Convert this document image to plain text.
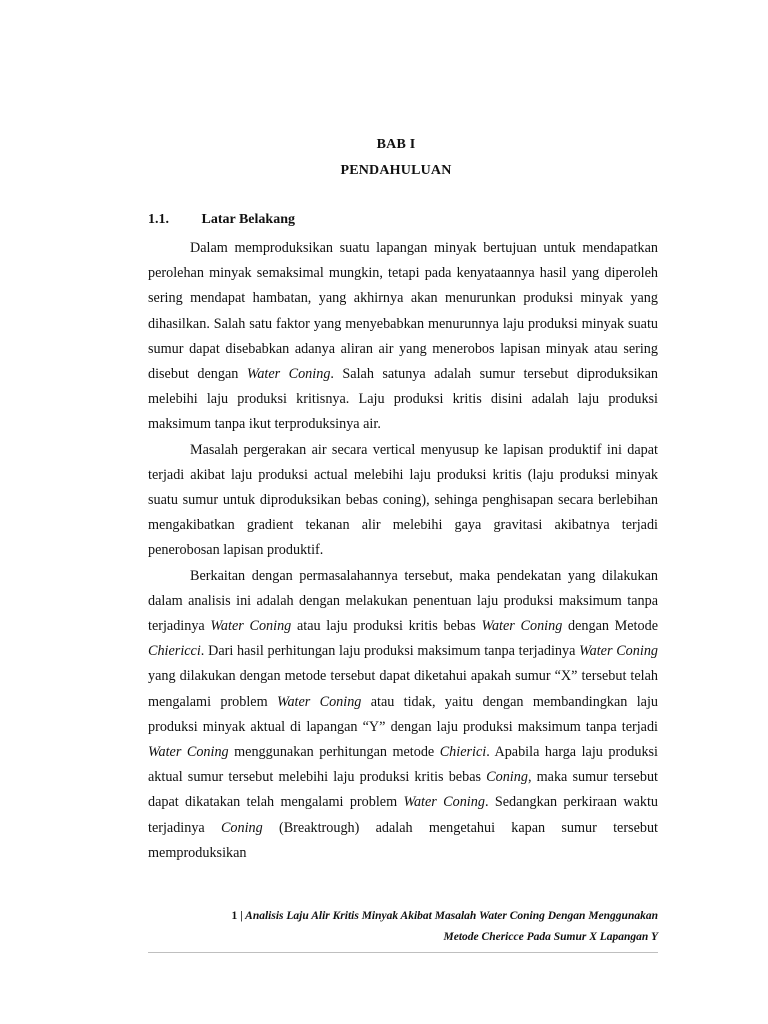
BAB I
PENDAHULUAN
1.1. Latar Belakang

Dalam memproduksikan suatu lapangan minyak bertujuan untuk mendapatkan perolehan minyak semaksimal mungkin, tetapi pada kenyataannya hasil yang diperoleh sering mendapat hambatan, yang akhirnya akan menurunkan produksi minyak yang dihasilkan. Salah satu faktor yang menyebabkan menurunnya laju produksi minyak suatu sumur dapat disebabkan adanya aliran air yang menerobos lapisan minyak atau sering disebut dengan Water Coning. Salah satunya adalah sumur tersebut diproduksikan melebihi laju produksi kritisnya. Laju produksi kritis disini adalah laju produksi maksimum tanpa ikut terproduksinya air.

Masalah pergerakan air secara vertical menyusup ke lapisan produktif ini dapat terjadi akibat laju produksi actual melebihi laju produksi kritis (laju produksi minyak suatu sumur untuk diproduksikan bebas coning), sehinga penghisapan secara berlebihan mengakibatkan gradient tekanan alir melebihi gaya gravitasi akibatnya terjadi penerobosan lapisan produktif.

Berkaitan dengan permasalahannya tersebut, maka pendekatan yang dilakukan dalam analisis ini adalah dengan melakukan penentuan laju produksi maksimum tanpa terjadinya Water Coning atau laju produksi kritis bebas Water Coning dengan Metode Chiericci. Dari hasil perhitungan laju produksi maksimum tanpa terjadinya Water Coning yang dilakukan dengan metode tersebut dapat diketahui apakah sumur “X” tersebut telah mengalami problem Water Coning atau tidak, yaitu dengan membandingkan laju produksi minyak aktual di lapangan “Y” dengan laju produksi maksimum tanpa terjadi Water Coning menggunakan perhitungan metode Chierici. Apabila harga laju produksi aktual sumur tersebut melebihi laju produksi kritis bebas Coning, maka sumur tersebut dapat dikatakan telah mengalami problem Water Coning. Sedangkan perkiraan waktu terjadinya Coning (Breaktrough) adalah mengetahui kapan sumur tersebut memproduksikan

1 | Analisis Laju Alir Kritis Minyak Akibat Masalah Water Coning Dengan Menggunakan
Metode Chericce Pada Sumur X Lapangan Y
